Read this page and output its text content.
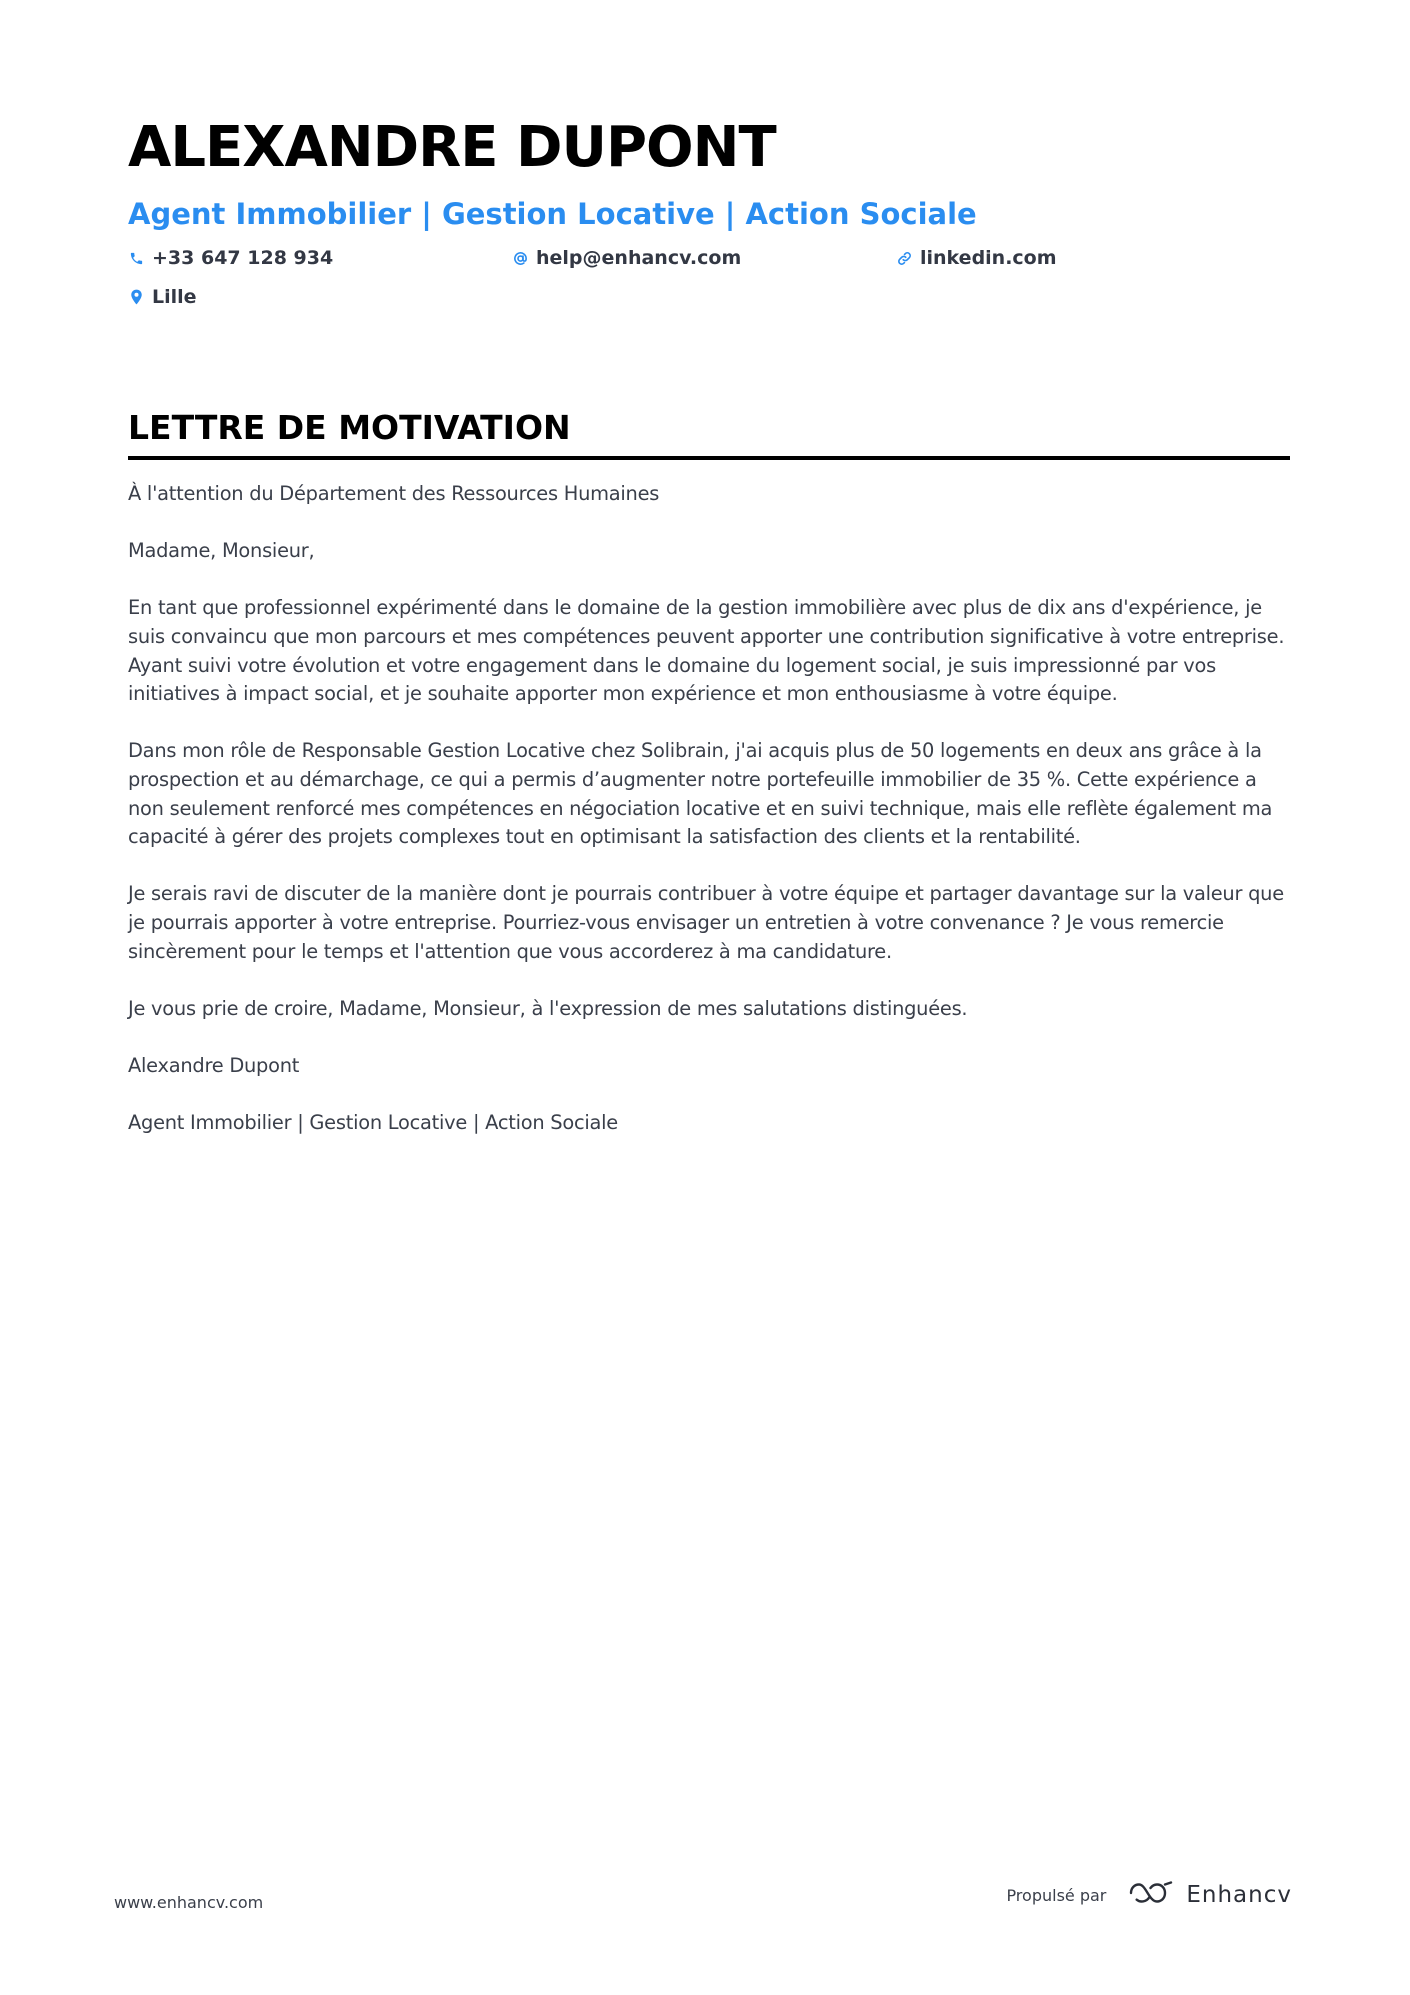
ALEXANDRE DUPONT
Agent Immobilier | Gestion Locative | Action Sociale
+33 647 128 934	help@enhancv.com	linkedin.com
Lille
LETTRE DE MOTIVATION

À l'attention du Département des Ressources Humaines

Madame, Monsieur,

En tant que professionnel expérimenté dans le domaine de la gestion immobilière avec plus de dix ans d'expérience, je suis convaincu que mon parcours et mes compétences peuvent apporter une contribution significative à votre entreprise. Ayant suivi votre évolution et votre engagement dans le domaine du logement social, je suis impressionné par vos initiatives à impact social, et je souhaite apporter mon expérience et mon enthousiasme à votre équipe.

Dans mon rôle de Responsable Gestion Locative chez Solibrain, j'ai acquis plus de 50 logements en deux ans grâce à la prospection et au démarchage, ce qui a permis d’augmenter notre portefeuille immobilier de 35 %. Cette expérience a non seulement renforcé mes compétences en négociation locative et en suivi technique, mais elle reflète également ma capacité à gérer des projets complexes tout en optimisant la satisfaction des clients et la rentabilité.

Je serais ravi de discuter de la manière dont je pourrais contribuer à votre équipe et partager davantage sur la valeur que je pourrais apporter à votre entreprise. Pourriez-vous envisager un entretien à votre convenance ? Je vous remercie sincèrement pour le temps et l'attention que vous accorderez à ma candidature.

Je vous prie de croire, Madame, Monsieur, à l'expression de mes salutations distinguées.

Alexandre Dupont

Agent Immobilier | Gestion Locative | Action Sociale

www.enhancv.com	Propulsé par	Enhancv
